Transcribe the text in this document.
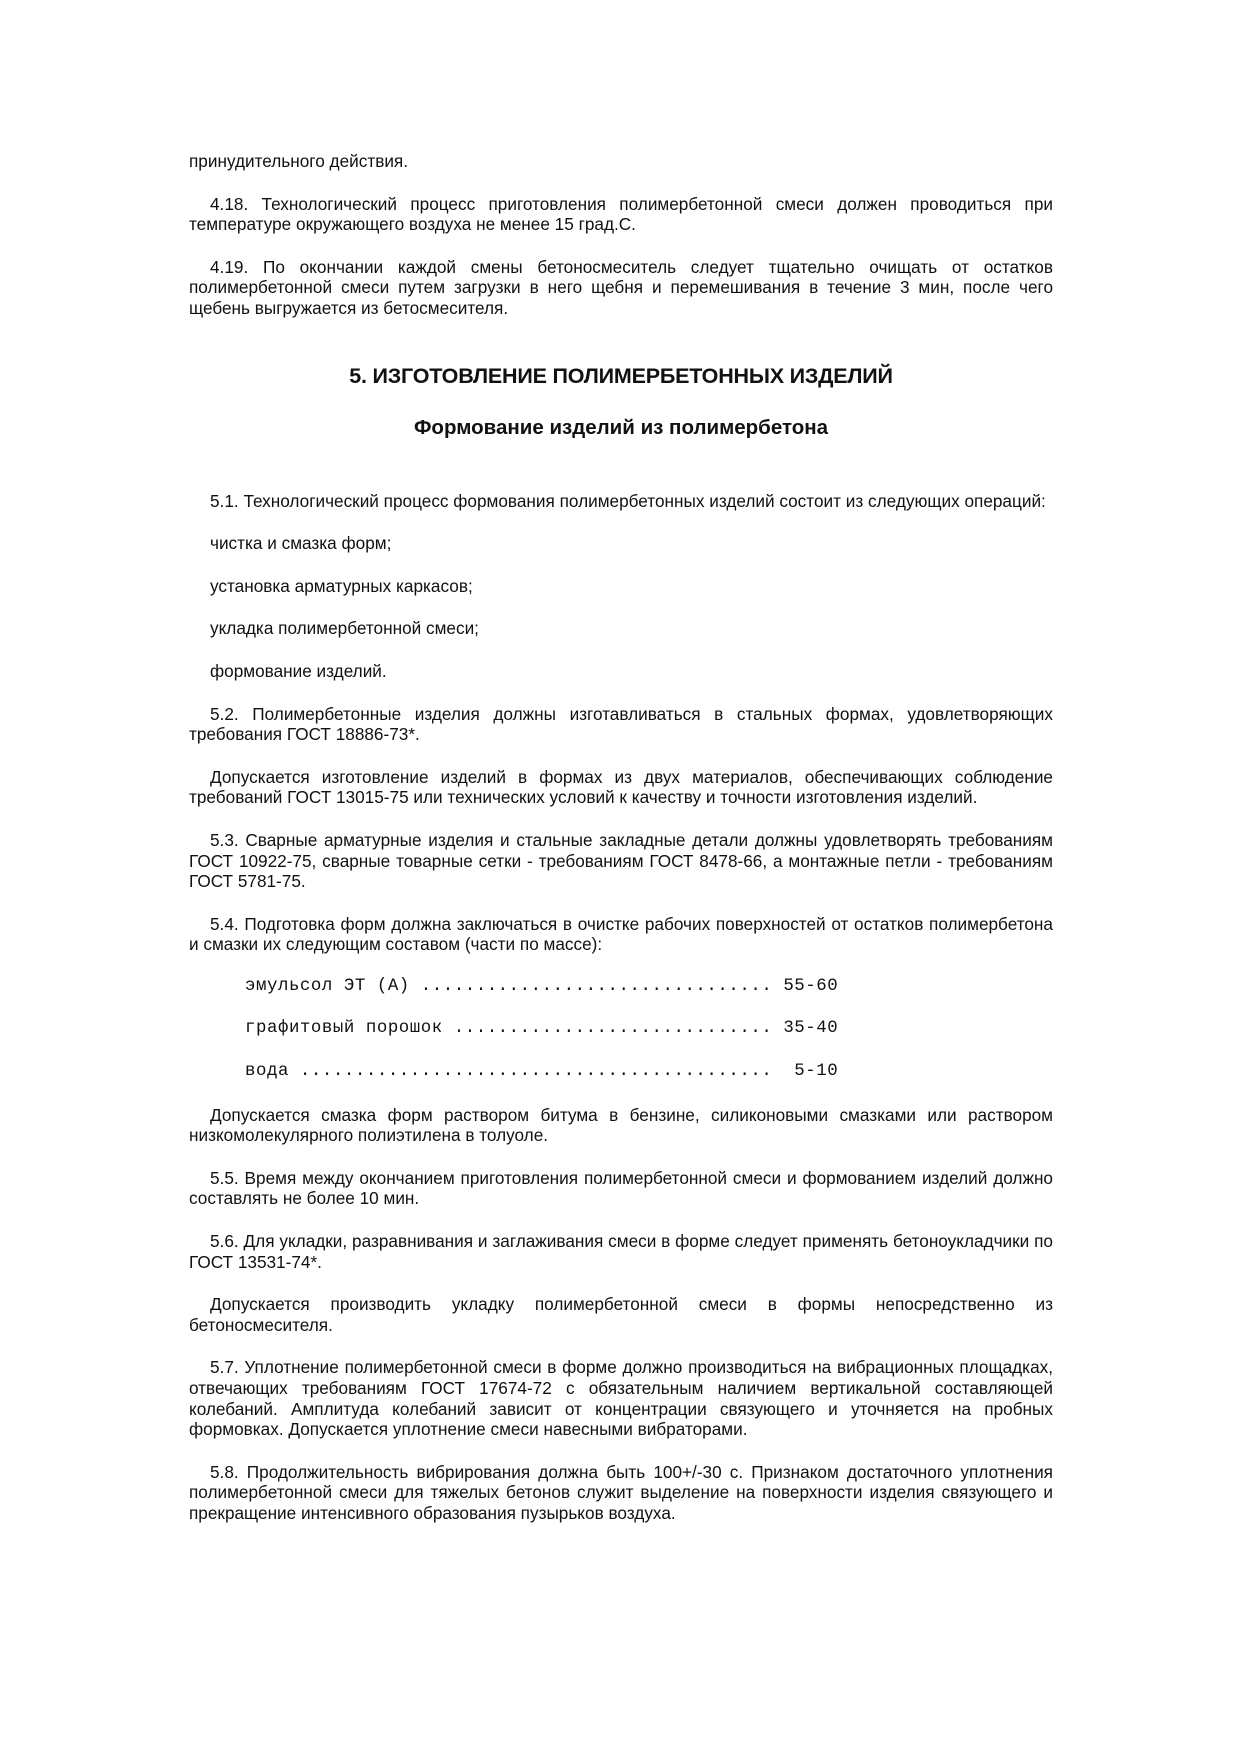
принудительного действия.

4.18. Технологический процесс приготовления полимербетонной смеси должен проводиться при температуре окружающего воздуха не менее 15 град.С.

4.19. По окончании каждой смены бетоносмеситель следует тщательно очищать от остатков полимербетонной смеси путем загрузки в него щебня и перемешивания в течение 3 мин, после чего щебень выгружается из бетосмесителя.

5. ИЗГОТОВЛЕНИЕ ПОЛИМЕРБЕТОННЫХ ИЗДЕЛИЙ
Формование изделий из полимербетона

5.1. Технологический процесс формования полимербетонных изделий состоит из следующих операций:

чистка и смазка форм;

установка арматурных каркасов;

укладка полимербетонной смеси;

формование изделий.

5.2. Полимербетонные изделия должны изготавливаться в стальных формах, удовлетворяющих требования ГОСТ 18886-73*.

Допускается изготовление изделий в формах из двух материалов, обеспечивающих соблюдение требований ГОСТ 13015-75 или технических условий к качеству и точности изготовления изделий.

5.3. Сварные арматурные изделия и стальные закладные детали должны удовлетворять требованиям ГОСТ 10922-75, сварные товарные сетки - требованиям ГОСТ 8478-66, а монтажные петли - требованиям ГОСТ 5781-75.

5.4. Подготовка форм должна заключаться в очистке рабочих поверхностей от остатков полимербетона и смазки их следующим составом (части по массе):

эмульсол ЭТ (А) ................................ 55-60
графитовый порошок ............................. 35-40
вода ...........................................  5-10

Допускается смазка форм раствором битума в бензине, силиконовыми смазками или раствором низкомолекулярного полиэтилена в толуоле.

5.5. Время между окончанием приготовления полимербетонной смеси и формованием изделий должно составлять не более 10 мин.

5.6. Для укладки, разравнивания и заглаживания смеси в форме следует применять бетоноукладчики по ГОСТ 13531-74*.

Допускается производить укладку полимербетонной смеси в формы непосредственно из бетоносмесителя.

5.7. Уплотнение полимербетонной смеси в форме должно производиться на вибрационных площадках, отвечающих требованиям ГОСТ 17674-72 с обязательным наличием вертикальной составляющей колебаний. Амплитуда колебаний зависит от концентрации связующего и уточняется на пробных формовках. Допускается уплотнение смеси навесными вибраторами.

5.8. Продолжительность вибрирования должна быть 100+/-30 с. Признаком достаточного уплотнения полимербетонной смеси для тяжелых бетонов служит выделение на поверхности изделия связующего и прекращение интенсивного образования пузырьков воздуха.
